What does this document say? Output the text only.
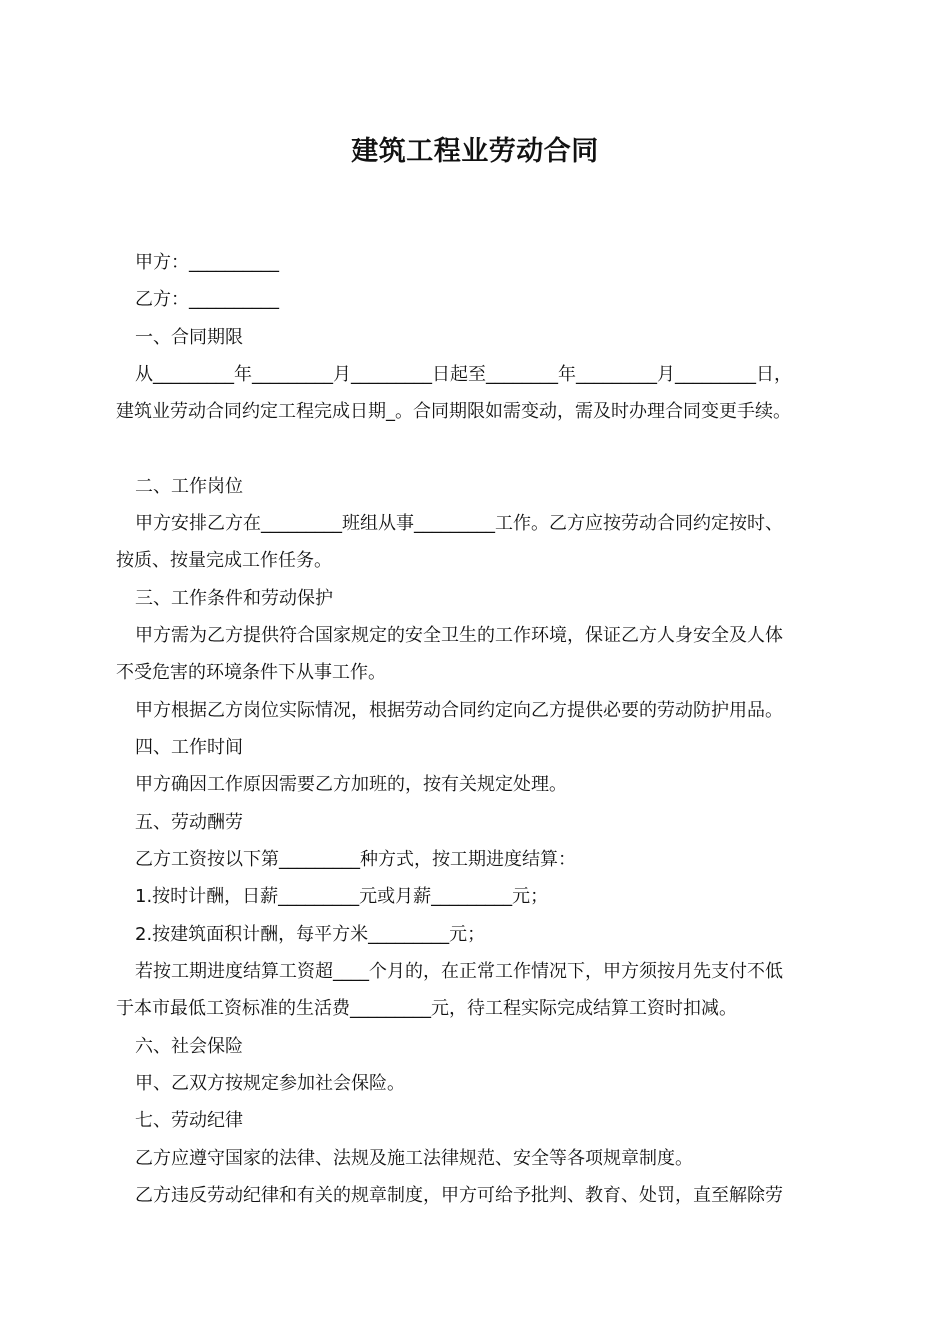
建筑工程业劳动合同
甲方：__________
乙方：__________
一、合同期限
从_________年_________月_________日起至________年_________月_________日，
建筑业劳动合同约定工程完成日期_。合同期限如需变动，需及时办理合同变更手续。
二、工作岗位
甲方安排乙方在_________班组从事_________工作。乙方应按劳动合同约定按时、
按质、按量完成工作任务。
三、工作条件和劳动保护
甲方需为乙方提供符合国家规定的安全卫生的工作环境，保证乙方人身安全及人体
不受危害的环境条件下从事工作。
甲方根据乙方岗位实际情况，根据劳动合同约定向乙方提供必要的劳动防护用品。
四、工作时间
甲方确因工作原因需要乙方加班的，按有关规定处理。
五、劳动酬劳
乙方工资按以下第_________种方式，按工期进度结算：
1.按时计酬，日薪_________元或月薪_________元；
2.按建筑面积计酬，每平方米_________元；
若按工期进度结算工资超____个月的，在正常工作情况下，甲方须按月先支付不低
于本市最低工资标准的生活费_________元，待工程实际完成结算工资时扣减。
六、社会保险
甲、乙双方按规定参加社会保险。
七、劳动纪律
乙方应遵守国家的法律、法规及施工法律规范、安全等各项规章制度。
乙方违反劳动纪律和有关的规章制度，甲方可给予批判、教育、处罚，直至解除劳
